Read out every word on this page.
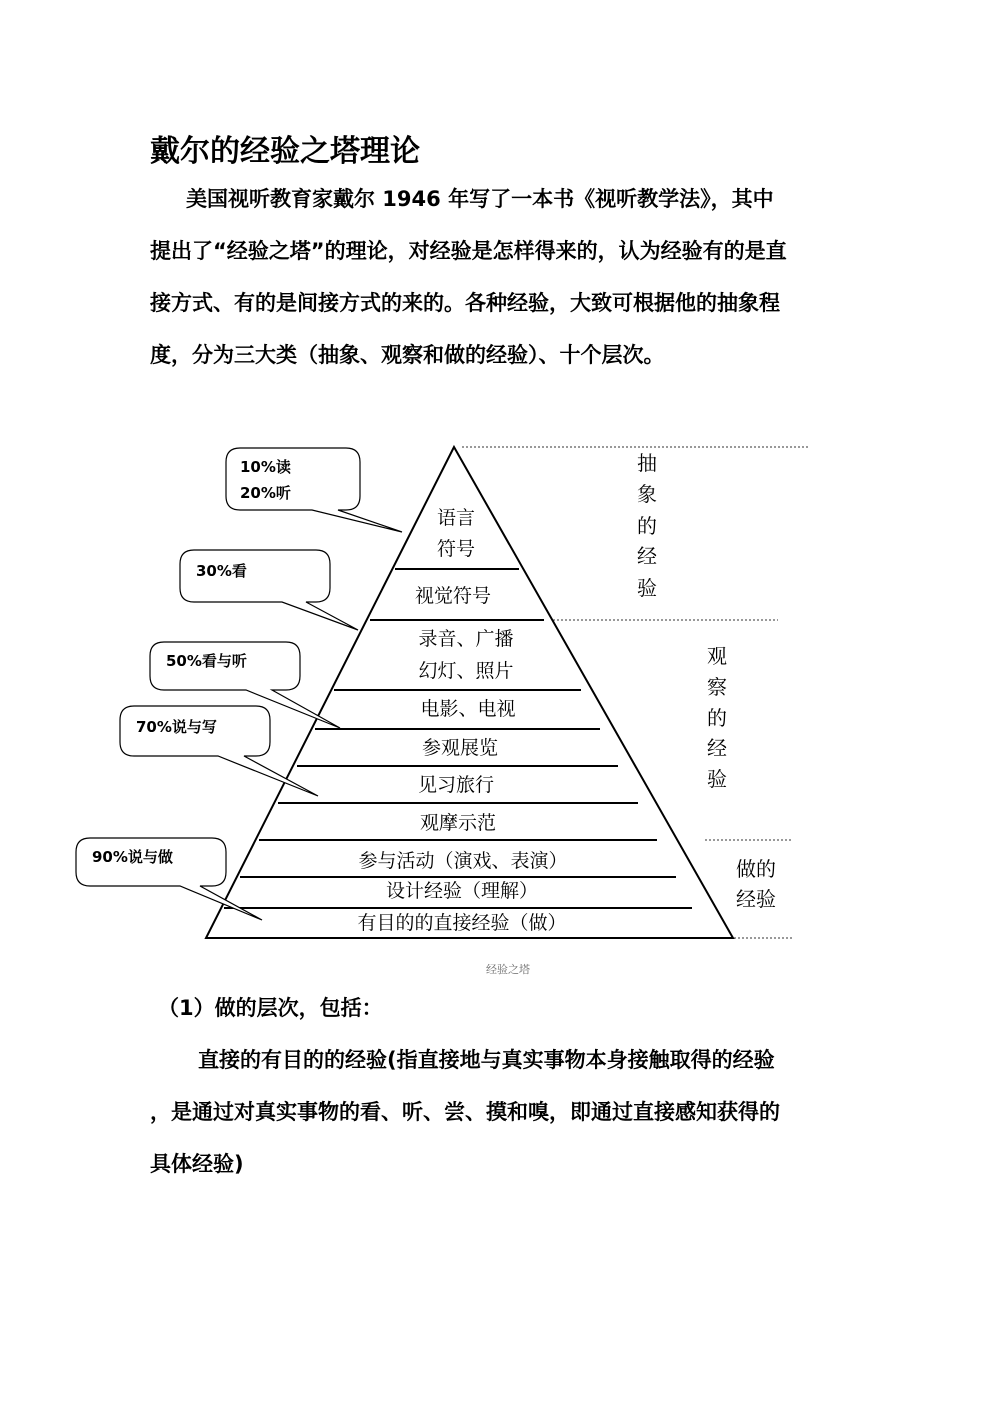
戴尔的经验之塔理论
美国视听教育家戴尔 1946 年写了一本书《视听教学法》，其中
提出了“经验之塔”的理论，对经验是怎样得来的，认为经验有的是直
接方式、有的是间接方式的来的。各种经验，大致可根据他的抽象程
度，分为三大类（抽象、观察和做的经验）、十个层次。
语言
符号
视觉符号
录音、广播
幻灯、照片
电影、电视
参观展览
见习旅行
观摩示范
参与活动（演戏、表演）
设计经验（理解）
有目的的直接经验（做）
抽
象
的
经
验
观
察
的
经
验
做的
经验
10%读
20%听
30%看
50%看与听
70%说与写
90%说与做
经验之塔
（1）做的层次，包括：
直接的有目的的经验(指直接地与真实事物本身接触取得的经验
，是通过对真实事物的看、听、尝、摸和嗅，即通过直接感知获得的
具体经验)
